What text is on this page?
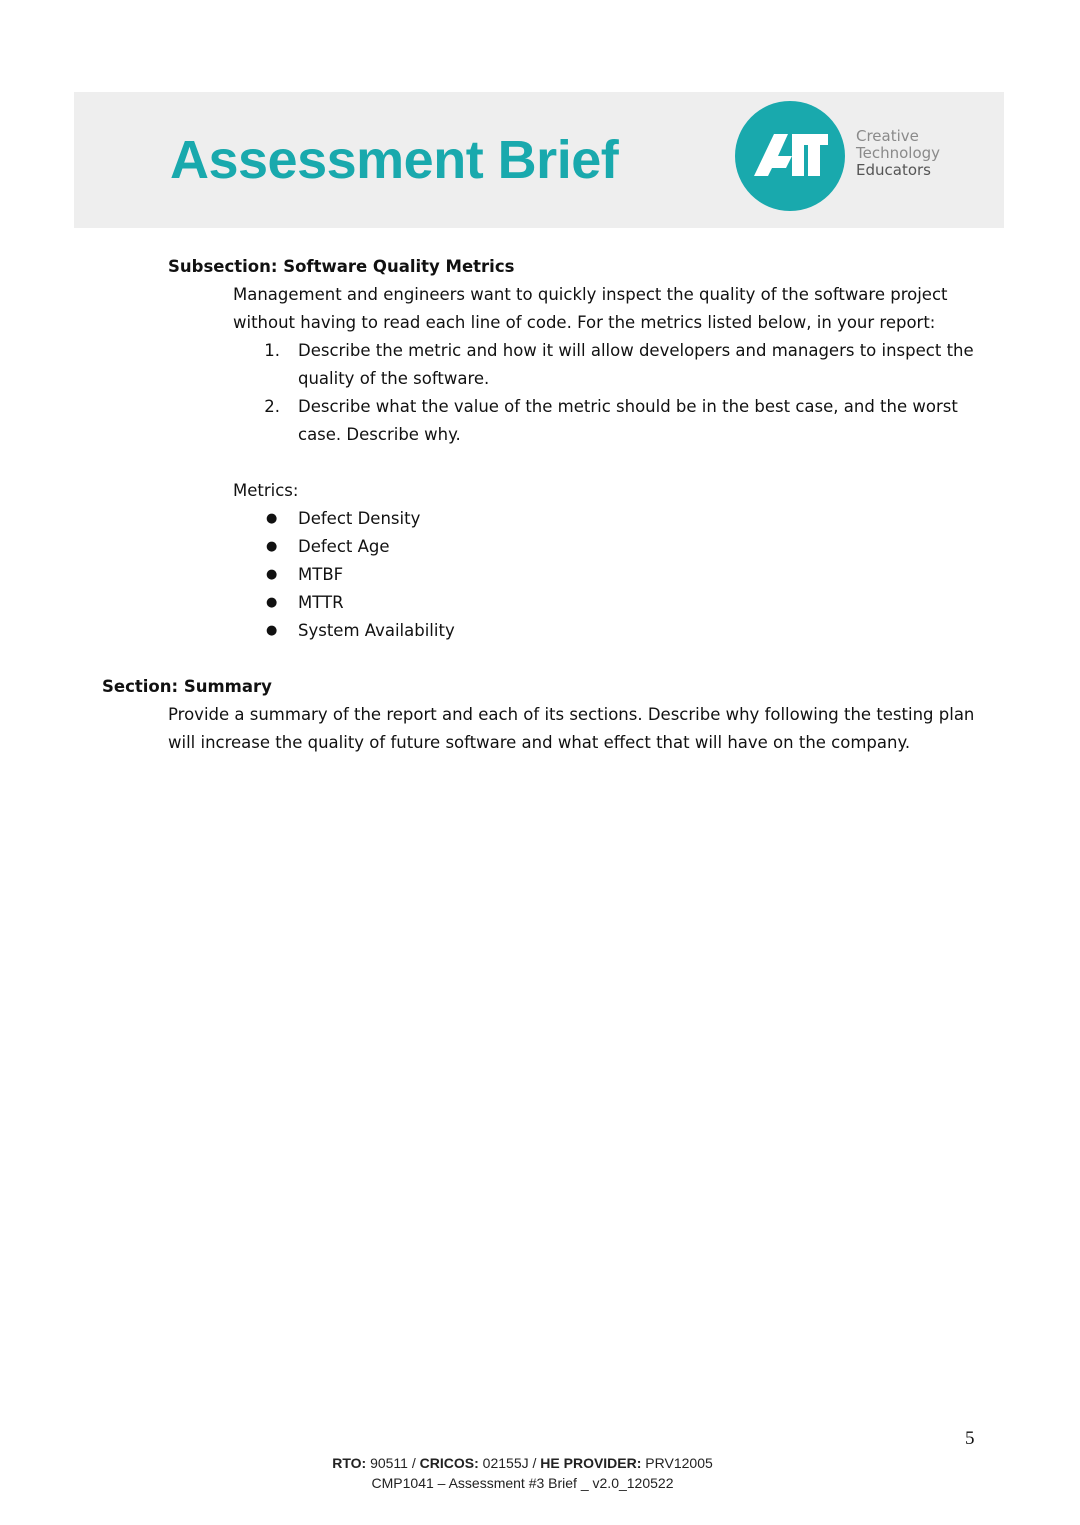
Assessment Brief	Creative
Technology
Educators
Subsection: Software Quality Metrics
Management and engineers want to quickly inspect the quality of the software project
without having to read each line of code. For the metrics listed below, in your report:
1. Describe the metric and how it will allow developers and managers to inspect the
quality of the software.
2. Describe what the value of the metric should be in the best case, and the worst
case. Describe why.
Metrics:
● Defect Density
● Defect Age
● MTBF
● MTTR
● System Availability
Section: Summary
Provide a summary of the report and each of its sections. Describe why following the testing plan
will increase the quality of future software and what effect that will have on the company.
5
RTO: 90511 / CRICOS: 02155J / HE PROVIDER: PRV12005
CMP1041 – Assessment #3 Brief _ v2.0_120522
